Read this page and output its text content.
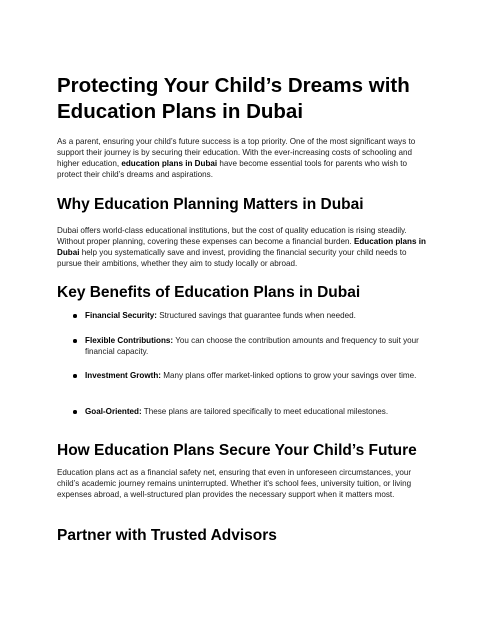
Protecting Your Child’s Dreams with Education Plans in Dubai

As a parent, ensuring your child’s future success is a top priority. One of the most significant ways to support their journey is by securing their education. With the ever-increasing costs of schooling and higher education, education plans in Dubai have become essential tools for parents who wish to protect their child’s dreams and aspirations.

Why Education Planning Matters in Dubai

Dubai offers world-class educational institutions, but the cost of quality education is rising steadily. Without proper planning, covering these expenses can become a financial burden. Education plans in Dubai help you systematically save and invest, providing the financial security your child needs to pursue their ambitions, whether they aim to study locally or abroad.

Key Benefits of Education Plans in Dubai
Financial Security: Structured savings that guarantee funds when needed.
Flexible Contributions: You can choose the contribution amounts and frequency to suit your financial capacity.
Investment Growth: Many plans offer market-linked options to grow your savings over time.
Goal-Oriented: These plans are tailored specifically to meet educational milestones.
How Education Plans Secure Your Child’s Future

Education plans act as a financial safety net, ensuring that even in unforeseen circumstances, your child’s academic journey remains uninterrupted. Whether it's school fees, university tuition, or living expenses abroad, a well-structured plan provides the necessary support when it matters most.

Partner with Trusted Advisors
